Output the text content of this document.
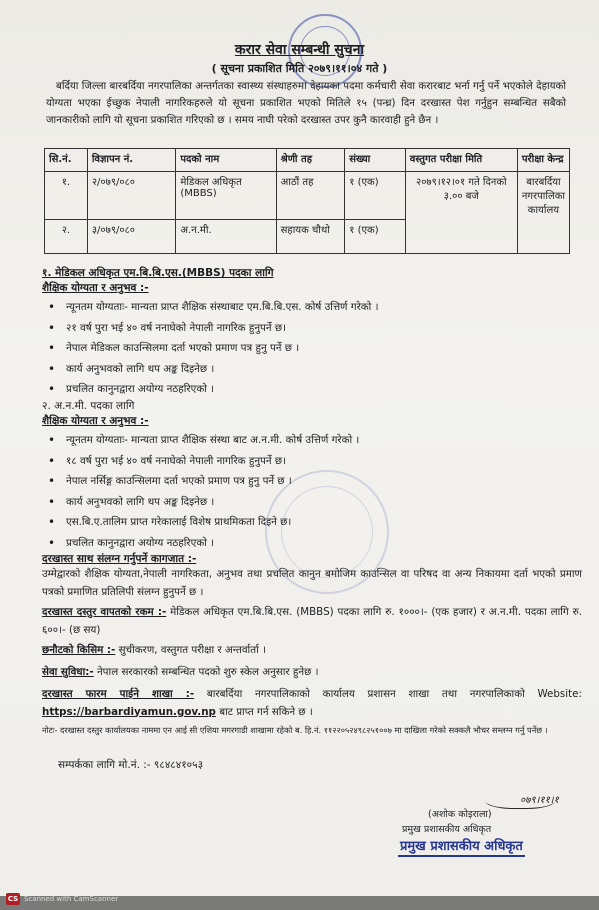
करार सेवा सम्बन्धी सुचना
( सूचना प्रकाशित मिति २०७९।११।०४ गते )
बर्दिया जिल्ला बारबर्दिया नगरपालिका अन्तर्गतका स्वास्थ्य संस्थाहरुमा देहायका पदमा कर्मचारी सेवा करारबाट भर्ना गर्नु पर्ने भएकोले देहायको योग्यता भएका ईच्छुक नेपाली नागरिकहरुले यो सूचना प्रकाशित भएको मितिले १५ (पन्ध्र) दिन दरखास्त पेश गर्नुहुन सम्बन्धित सबैको जानकारीको लागि यो सूचना प्रकाशित गरिएको छ । समय नाघी परेको दरखास्त उपर कुनै कारवाही हुने छैन ।
सि.नं.	विज्ञापन नं.	पदको नाम	श्रेणी तह	संख्या	वस्तुगत परीक्षा मिति	परीक्षा केन्द्र
१.	२/०७९/०८०	मेडिकल अधिकृत (MBBS)	आठौं तह	१ (एक)	२०७९।१२।०१ गते दिनको ३.०० बजे	बारबर्दिया नगरपालिका कार्यालय
२.	३/०७९/०८०	अ.न.मी.	सहायक चौथो	१ (एक)		
१. मेडिकल अधिकृत एम.बि.बि.एस.(MBBS) पदका लागि
शैक्षिक योग्यता र अनुभव :-
• न्यूनतम योग्यताः- मान्यता प्राप्त शैक्षिक संस्थाबाट एम.बि.बि.एस. कोर्ष उत्तिर्ण गरेको ।
• २१ वर्ष पुरा भई ४० वर्ष ननाघेको नेपाली नागरिक हुनुपर्ने छ।
• नेपाल मेडिकल काउन्सिलमा दर्ता भएको प्रमाण पत्र हुनु पर्ने छ ।
• कार्य अनुभवको लागि थप अङ्क दिइनेछ ।
• प्रचलित कानुनद्वारा अयोग्य नठहरिएको ।
२. अ.न.मी. पदका लागि
शैक्षिक योग्यता र अनुभव :-
• न्यूनतम योग्यताः- मान्यता प्राप्त शैक्षिक संस्था बाट अ.न.मी. कोर्ष उत्तिर्ण गरेको ।
• १८ वर्ष पुरा भई ४० वर्ष ननाघेको नेपाली नागरिक हुनुपर्ने छ।
• नेपाल नर्सिङ्ग काउन्सिलमा दर्ता भएको प्रमाण पत्र हुनु पर्ने छ ।
• कार्य अनुभवको लागि थप अङ्क दिइनेछ ।
• एस.बि.ए.तालिम प्राप्त गरेकालाई विशेष प्राथमिकता दिइने छ।
• प्रचलित कानुनद्वारा अयोग्य नठहरिएको ।
दरखास्त साथ संलग्न गर्नुपर्ने कागजात :-
उम्मेद्वारको शैक्षिक योग्यता,नेपाली नागरिकता, अनुभव तथा प्रचलित कानुन बमोजिम काउन्सिल वा परिषद वा अन्य निकायमा दर्ता भएको प्रमाण पत्रको प्रमाणित प्रतिलिपी संलग्न हुनुपर्ने छ ।
दरखास्त दस्तुर वापतको रकम :- मेडिकल अधिकृत एम.बि.बि.एस. (MBBS) पदका लागि रु. १०००।- (एक हजार) र अ.न.मी. पदका लागि रु. ६००।- (छ सय)
छनौटको किसिम :- सुचीकरण, वस्तुगत परीक्षा र अन्तर्वार्ता ।
सेवा सुविधा:- नेपाल सरकारको सम्बन्धित पदको शुरु स्केल अनुसार हुनेछ ।
दरखास्त फारम पाईने शाखा :- बारबर्दिया नगरपालिकाको कार्यालय प्रशासन शाखा तथा नगरपालिकाको Website: https://barbardiyamun.gov.np बाट प्राप्त गर्न सकिने छ ।
नोटः- दरखास्त दस्तुर कार्यालयका नाममा एन आई सी एशिया मगरगाडी शाखामा रहेको ब. हि.नं. ११२२०५२४९८२५१००७ मा दाखिला गरेको सक्कलै भौचर सम्लग्न गर्नु पर्नेछ ।
सम्पर्कका लागि मो.नं. :- ९८४८४१०५३
०७९।११।१
(अशोक कोइराला)
प्रमुख प्रशासकीय अधिकृत
प्रमुख प्रशासकीय अधिकृत
CS Scanned with CamScanner
